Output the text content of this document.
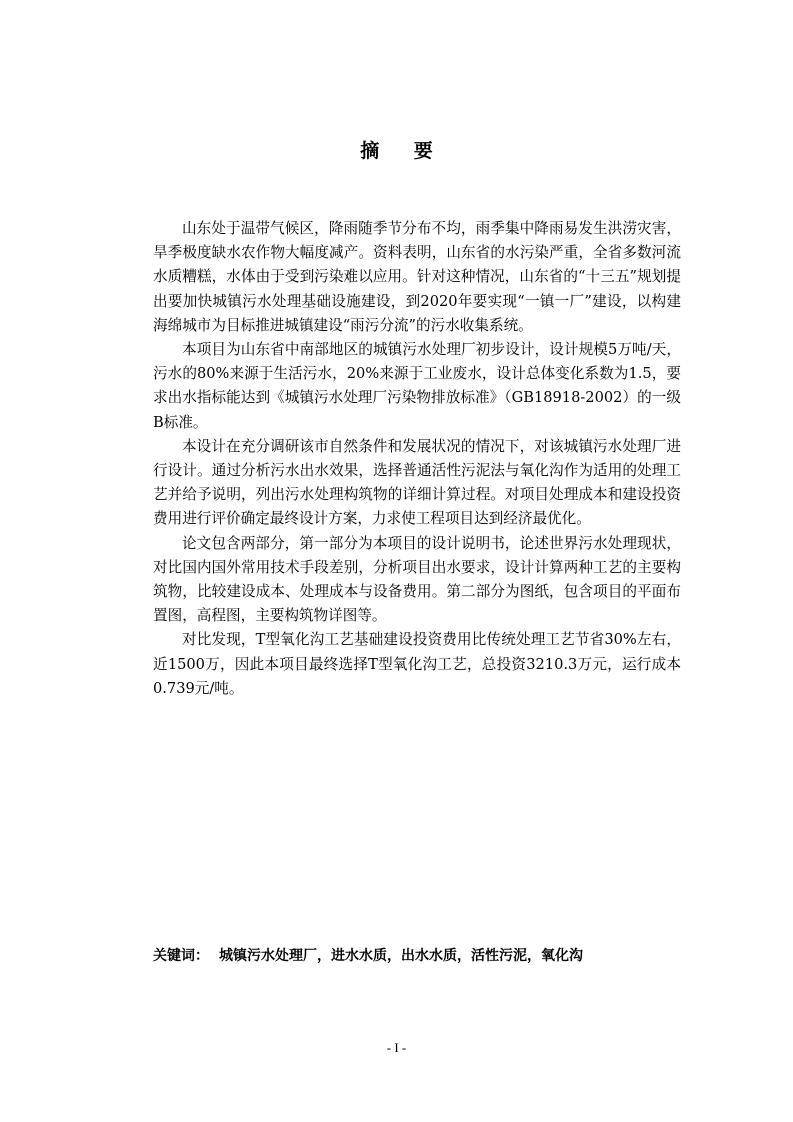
摘 要

山东处于温带气候区，降雨随季节分布不均，雨季集中降雨易发生洪涝灾害，旱季极度缺水农作物大幅度减产。资料表明，山东省的水污染严重，全省多数河流水质糟糕，水体由于受到污染难以应用。针对这种情况，山东省的“十三五”规划提出要加快城镇污水处理基础设施建设，到2020年要实现“一镇一厂”建设，以构建海绵城市为目标推进城镇建设“雨污分流”的污水收集系统。

本项目为山东省中南部地区的城镇污水处理厂初步设计，设计规模5万吨/天，污水的80%来源于生活污水，20%来源于工业废水，设计总体变化系数为1.5，要求出水指标能达到《城镇污水处理厂污染物排放标准》（GB18918-2002）的一级B标准。

本设计在充分调研该市自然条件和发展状况的情况下，对该城镇污水处理厂进行设计。通过分析污水出水效果，选择普通活性污泥法与氧化沟作为适用的处理工艺并给予说明，列出污水处理构筑物的详细计算过程。对项目处理成本和建设投资费用进行评价确定最终设计方案，力求使工程项目达到经济最优化。

论文包含两部分，第一部分为本项目的设计说明书，论述世界污水处理现状，对比国内国外常用技术手段差别，分析项目出水要求，设计计算两种工艺的主要构筑物，比较建设成本、处理成本与设备费用。第二部分为图纸，包含项目的平面布置图，高程图，主要构筑物详图等。

对比发现，T型氧化沟工艺基础建设投资费用比传统处理工艺节省30%左右，近1500万，因此本项目最终选择T型氧化沟工艺，总投资3210.3万元，运行成本0.739元/吨。

关键词： 城镇污水处理厂，进水水质，出水水质，活性污泥，氧化沟
- I -
